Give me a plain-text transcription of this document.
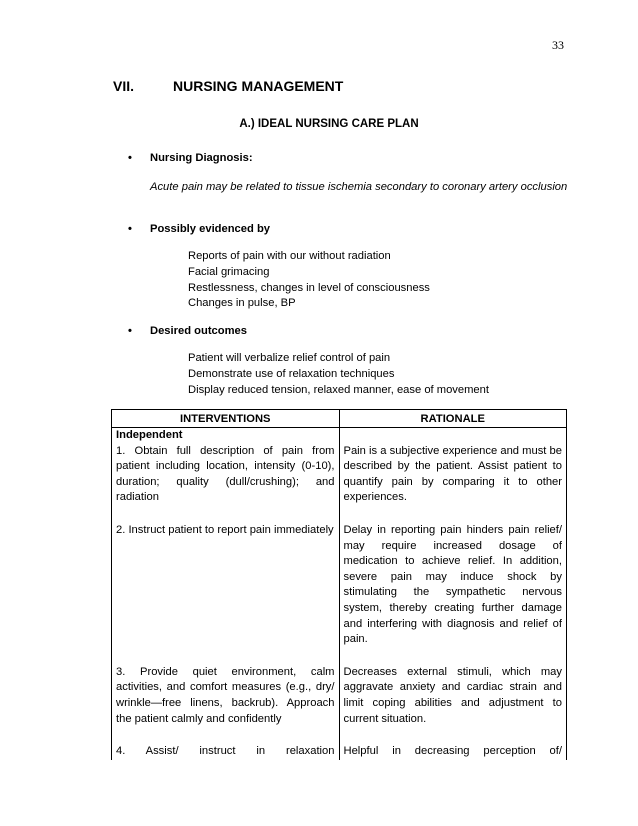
33
VII.	NURSING MANAGEMENT
A.) IDEAL NURSING CARE PLAN
• Nursing Diagnosis:
Acute pain may be related to tissue ischemia secondary to coronary artery occlusion
• Possibly evidenced by
Reports of pain with our without radiation
Facial grimacing
Restlessness, changes in level of consciousness
Changes in pulse, BP
• Desired outcomes
Patient will verbalize relief control of pain
Demonstrate use of relaxation techniques
Display reduced tension, relaxed manner, ease of movement
INTERVENTIONS	RATIONALE

Independent
1. Obtain full description of pain from patient including location, intensity (0-10), duration; quality (dull/crushing); and radiation	Pain is a subjective experience and must be described by the patient. Assist patient to quantify pain by comparing it to other experiences.

2. Instruct patient to report pain immediately	Delay in reporting pain hinders pain relief/ may require increased dosage of medication to achieve relief. In addition, severe pain may induce shock by stimulating the sympathetic nervous system, thereby creating further damage and interfering with diagnosis and relief of pain.

3. Provide quiet environment, calm activities, and comfort measures (e.g., dry/ wrinkle—free linens, backrub). Approach the patient calmly and confidently	Decreases external stimuli, which may aggravate anxiety and cardiac strain and limit coping abilities and adjustment to current situation.

4. Assist/ instruct in relaxation	Helpful in decreasing perception of/
